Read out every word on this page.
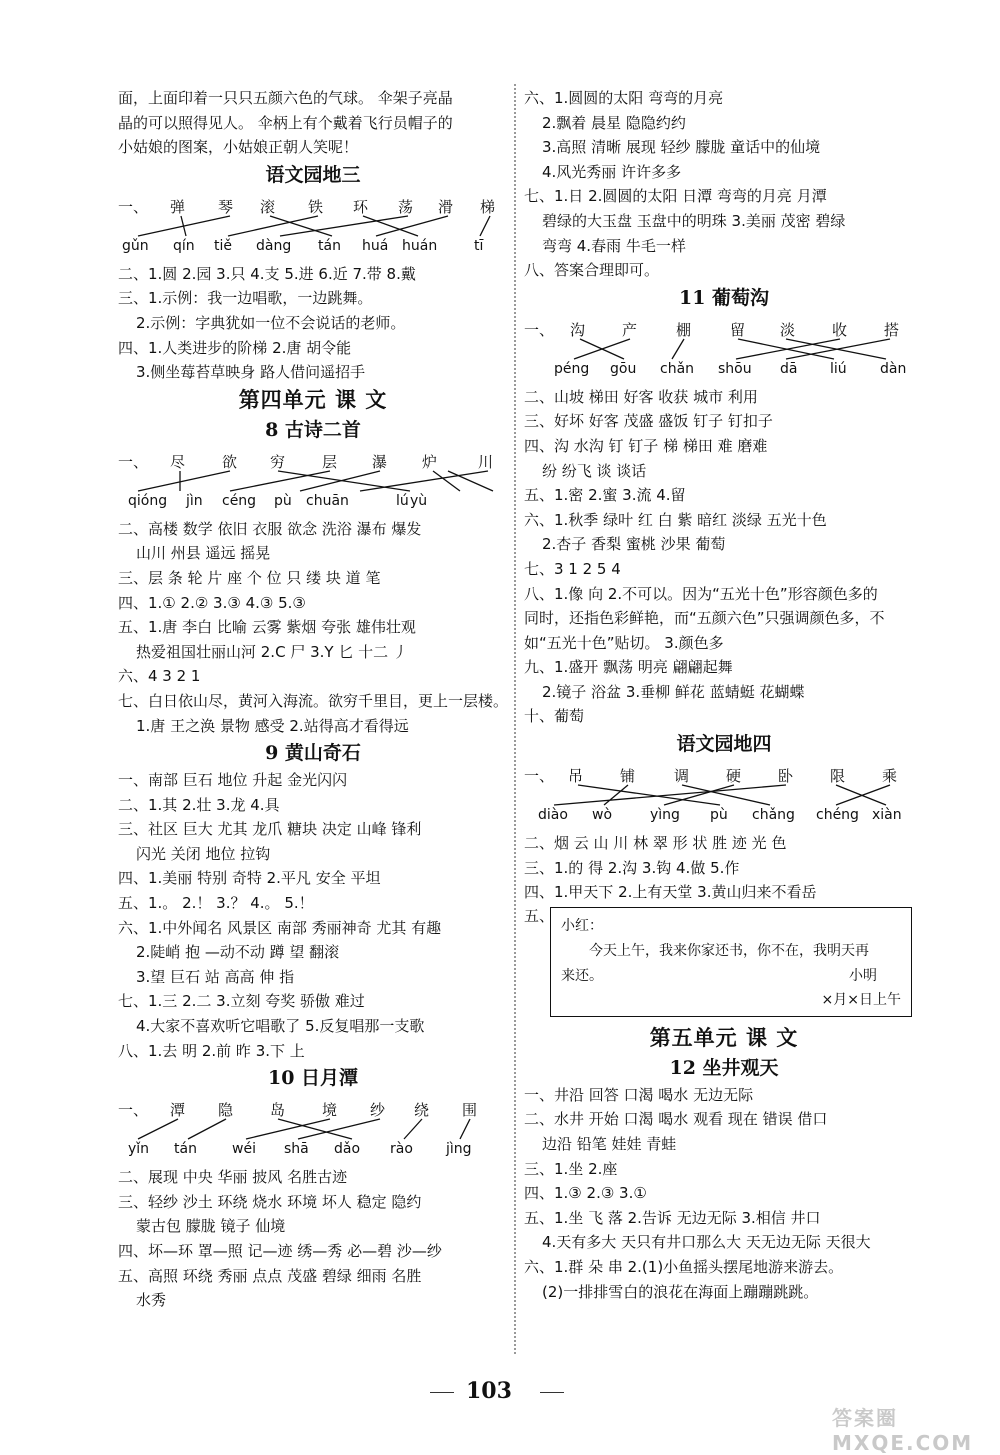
面，上面印着一只只五颜六色的气球。 伞架子亮晶
晶的可以照得见人。 伞柄上有个戴着飞行员帽子的
小姑娘的图案，小姑娘正朝人笑呢！
语文园地三
一、 弹 琴 滚 铁 环 荡 滑 梯
gǔn qín tiě dàng tán huá huán	tī
二、1.圆 2.园 3.只 4.支 5.进 6.近 7.带 8.戴
三、1.示例：我一边唱歌，一边跳舞。
2.示例：字典犹如一位不会说话的老师。
四、1.人类进步的阶梯 2.唐 胡令能
3.侧坐莓苔草映身 路人借问遥招手
第四单元 课 文
8 古诗二首
一、 尽 欲 穷 层 瀑 炉	川
qióng jìn céng pù chuān	lú yù
二、高楼 数学 依旧 衣服 欲念 洗浴 瀑布 爆发
山川 州县 遥远 摇晃
三、层 条 轮 片 座 个 位 只 缕 块 道 笔
四、1.① 2.② 3.③ 4.③ 5.③
五、1.唐 李白 比喻 云雾 紫烟 夸张 雄伟壮观
热爱祖国壮丽山河 2.C 尸 3.Y 匕 十二 丿
六、4 3 2 1
七、白日依山尽，黄河入海流。欲穷千里目，更上一层楼。
1.唐 王之涣 景物 感受 2.站得高才看得远
9 黄山奇石
一、南部 巨石 地位 升起 金光闪闪
二、1.其 2.壮 3.龙 4.具
三、社区 巨大 尤其 龙爪 糖块 决定 山峰 锋利
闪光 关闭 地位 拉钩
四、1.美丽 特别 奇特 2.平凡 安全 平坦
五、1.。 2.！ 3.？ 4.。 5.！
六、1.中外闻名 风景区 南部 秀丽神奇 尤其 有趣
2.陡峭 抱 —动不动 蹲 望 翻滚
3.望 巨石 站 高高 伸 指
七、1.三 2.二 3.立刻 夸奖 骄傲 难过
4.大家不喜欢听它唱歌了 5.反复唱那一支歌
八、1.去 明 2.前 昨 3.下 上
10 日月潭
一、 潭 隐 岛 境 纱 绕 围
yǐn tán	wéi shā dǎo rào jìng
二、展现 中央 华丽 披风 名胜古迹
三、轻纱 沙土 环绕 烧水 环境 坏人 稳定 隐约
蒙古包 朦胧 镜子 仙境
四、坏—环 罩—照 记—迹 绣—秀 必—碧 沙—纱
五、高照 环绕 秀丽 点点 茂盛 碧绿 细雨 名胜
水秀
六、1.圆圆的太阳 弯弯的月亮
2.飘着 晨星 隐隐约约
3.高照 清晰 展现 轻纱 朦胧 童话中的仙境
4.风光秀丽 许许多多
七、1.日 2.圆圆的太阳 日潭 弯弯的月亮 月潭
碧绿的大玉盘 玉盘中的明珠 3.美丽 茂密 碧绿
弯弯 4.春雨 牛毛一样
八、答案合理即可。
11 葡萄沟
一、 沟 产	棚	留 淡 收 搭
péng gōu chǎn shōu dā liú dàn
二、山坡 梯田 好客 收获 城市 利用
三、好坏 好客 茂盛 盛饭 钉子 钉扣子
四、沟 水沟 钉 钉子 梯 梯田 难 磨难
纷 纷飞 谈 谈话
五、1.密 2.蜜 3.流 4.留
六、1.秋季 绿叶 红 白 紫 暗红 淡绿 五光十色
2.杏子 香梨 蜜桃 沙果 葡萄
七、3 1 2 5 4
八、1.像 向 2.不可以。因为“五光十色”形容颜色多的
同时，还指色彩鲜艳，而“五颜六色”只强调颜色多，不
如“五光十色”贴切。 3.颜色多
九、1.盛开 飘荡 明亮 翩翩起舞
2.镜子 浴盆 3.垂柳 鲜花 蓝蜻蜓 花蝴蝶
十、葡萄
语文园地四
一、 吊 铺	调 硬 卧 限 乘
diào wò	yìng pù chǎng chéng xiàn
二、烟 云 山 川 林 翠 形 状 胜 迹 光 色
三、1.的 得 2.沟 3.钩 4.做 5.作
四、1.甲天下 2.上有天堂 3.黄山归来不看岳
五、
小红：
今天上午，我来你家还书，你不在，我明天再
来还。	小明
×月×日上午
第五单元 课 文
12 坐井观天
一、井沿 回答 口渴 喝水 无边无际
二、水井 开始 口渴 喝水 观看 现在 错误 借口
边沿 铅笔 娃娃 青蛙
三、1.坐 2.座
四、1.③ 2.③ 3.①
五、1.坐 飞 落 2.告诉 无边无际 3.相信 井口
4.天有多大 天只有井口那么大 天无边无际 天很大
六、1.群 朵 串 2.(1)小鱼摇头摆尾地游来游去。
(2)一排排雪白的浪花在海面上蹦蹦跳跳。
103
答案圈 MXQE.COM
